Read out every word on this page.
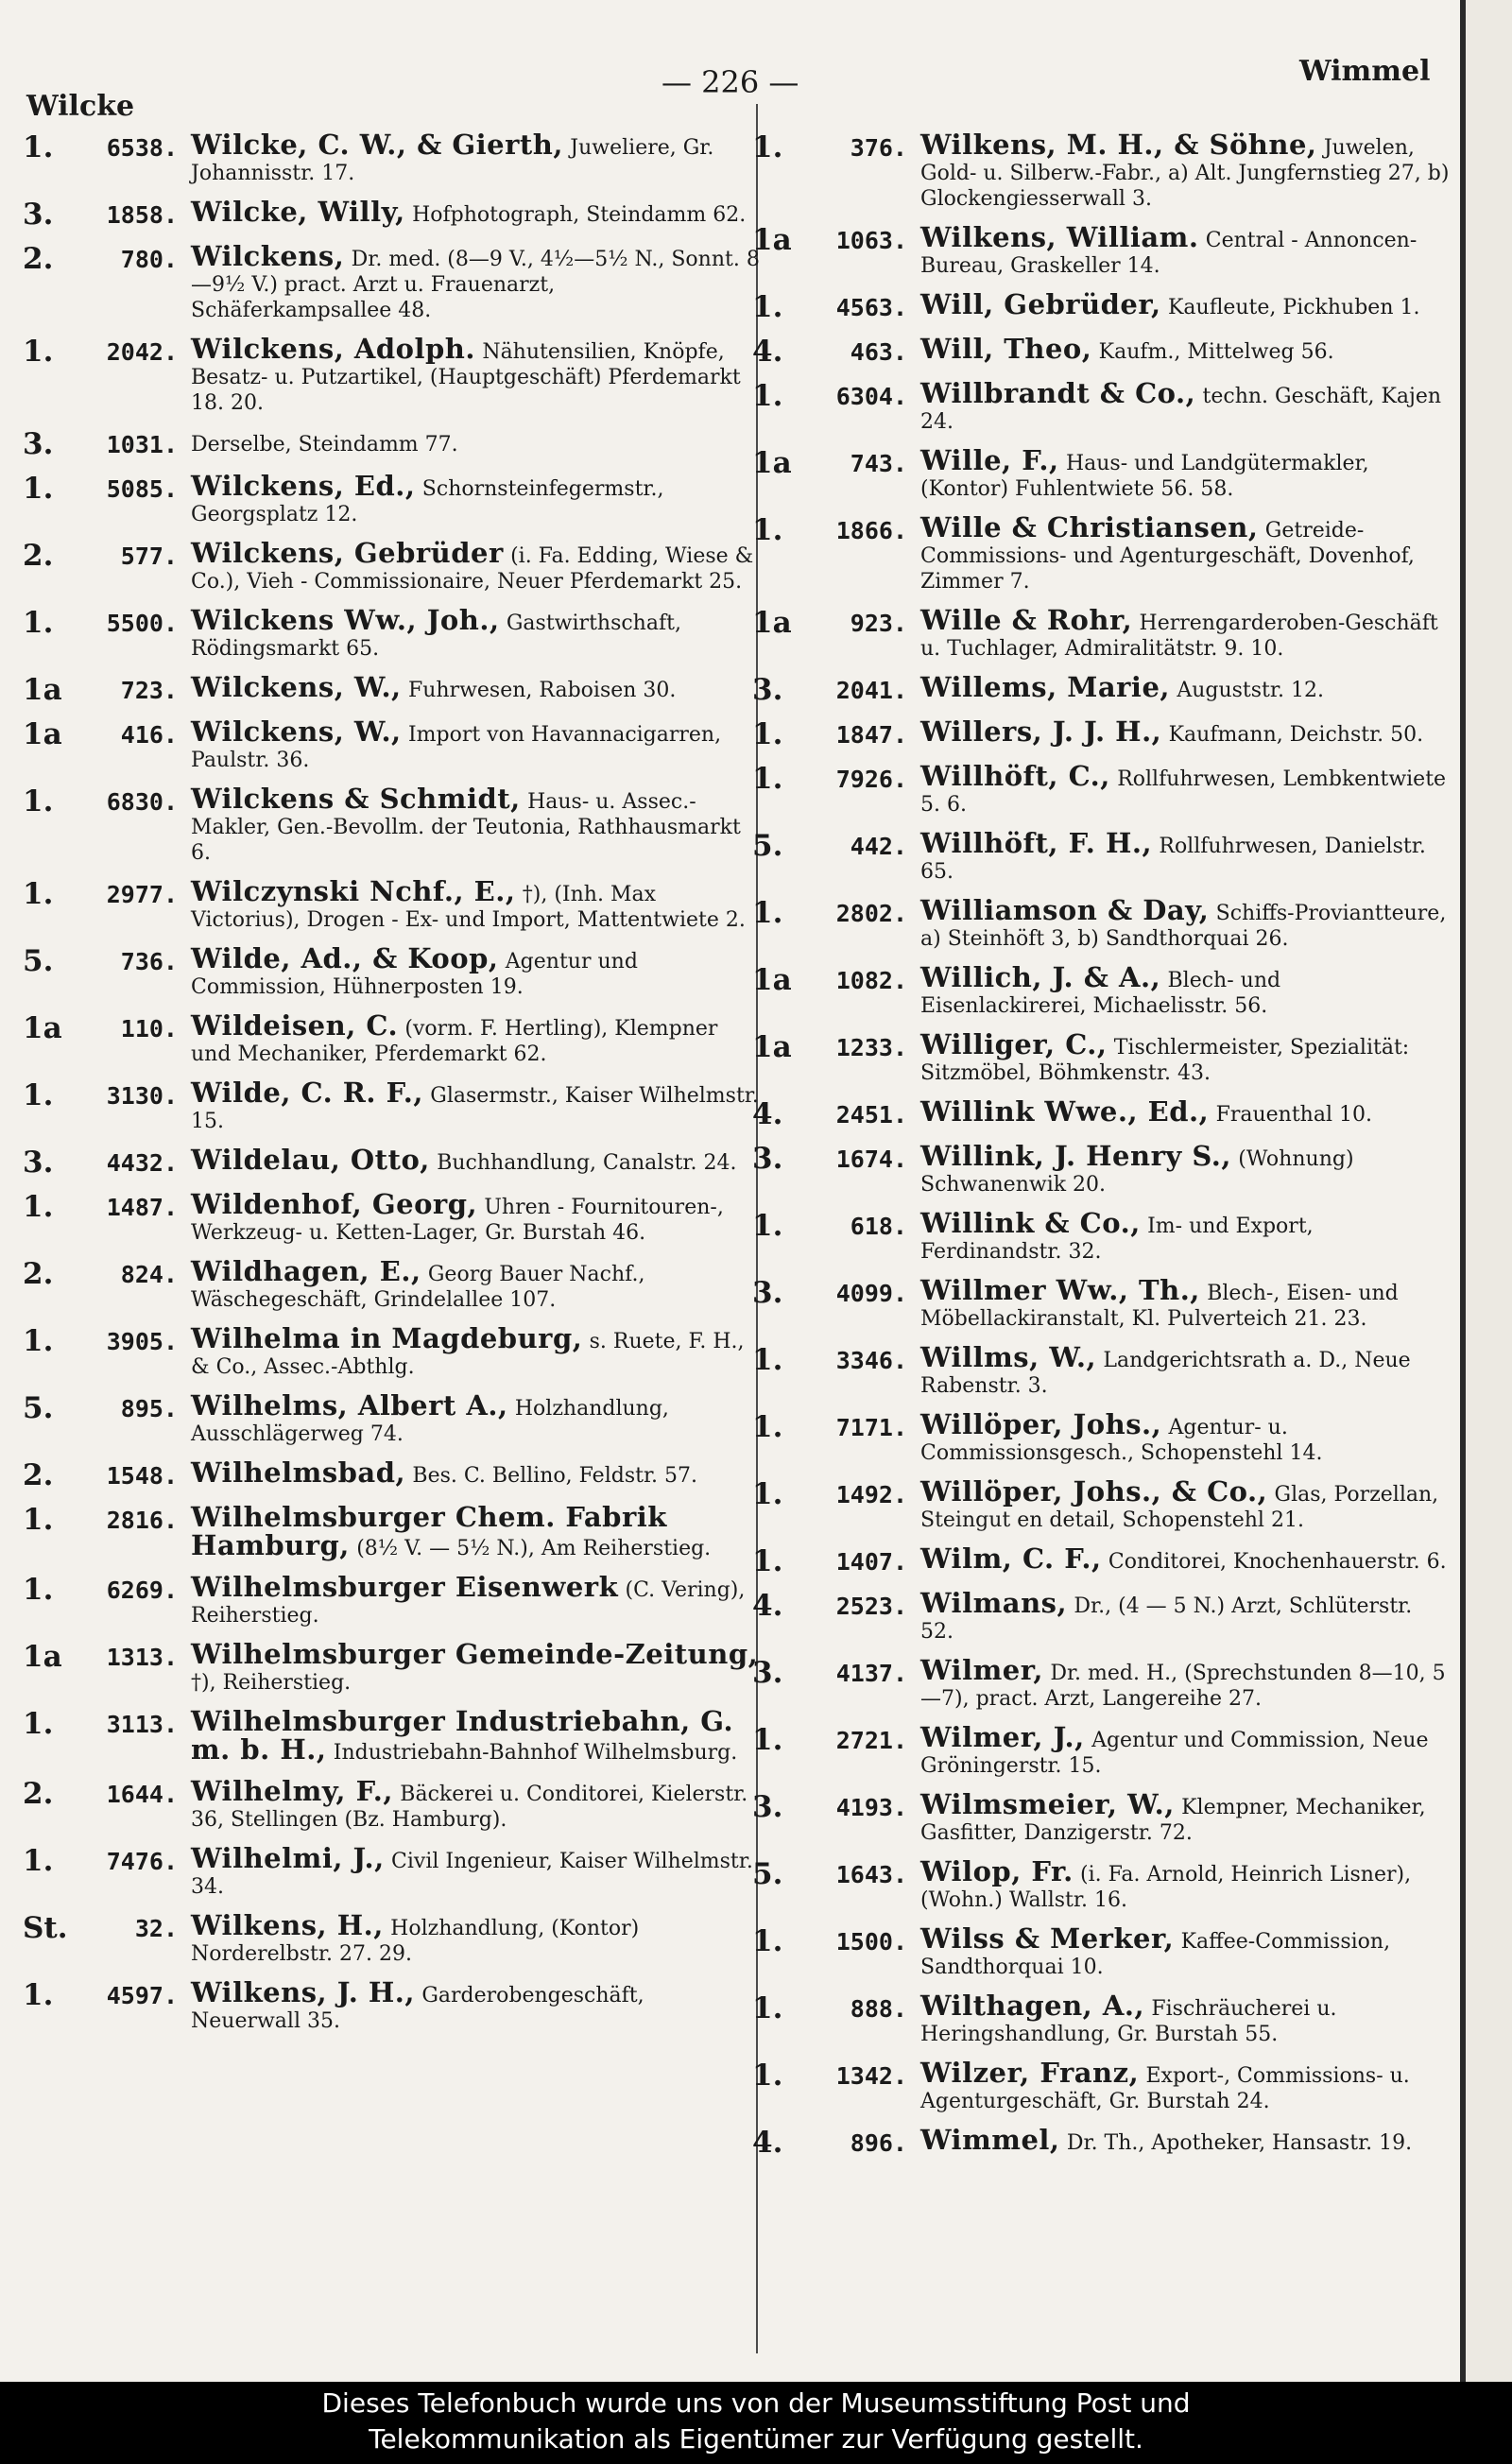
Wilcke
— 226 —	Wimmel
1.	6538. Wilcke, C. W., & Gierth, Juweliere, Gr. Johannisstr. 17.
3.	1858. Wilcke, Willy, Hofphotograph, Steindamm 62.
2.	780. Wilckens, Dr. med. (8—9 V., 4½—5½ N., Sonnt. 8—9½ V.) pract. Arzt u. Frauenarzt, Schäferkampsallee 48.
1.	2042. Wilckens, Adolph. Nähutensilien, Knöpfe, Besatz- u. Putzartikel, (Hauptgeschäft) Pferdemarkt 18. 20.
3.	1031. Derselbe, Steindamm 77.
1.	5085. Wilckens, Ed., Schornsteinfegermstr., Georgsplatz 12.
2.	577. Wilckens, Gebrüder (i. Fa. Edding, Wiese & Co.), Vieh - Commissionaire, Neuer Pferdemarkt 25.
1.	5500. Wilckens Ww., Joh., Gastwirthschaft, Rödingsmarkt 65.
1a	723. Wilckens, W., Fuhrwesen, Raboisen 30.
1a	416. Wilckens, W., Import von Havannacigarren, Paulstr. 36.
1.	6830. Wilckens & Schmidt, Haus- u. Assec.-Makler, Gen.-Bevollm. der Teutonia, Rathhausmarkt 6.
1.	2977. Wilczynski Nchf., E., †), (Inh. Max Victorius), Drogen - Ex- und Import, Mattentwiete 2.
5.	736. Wilde, Ad., & Koop, Agentur und Commission, Hühnerposten 19.
1a	110. Wildeisen, C. (vorm. F. Hertling), Klempner und Mechaniker, Pferdemarkt 62.
1.	3130. Wilde, C. R. F., Glasermstr., Kaiser Wilhelmstr. 15.
3.	4432. Wildelau, Otto, Buchhandlung, Canalstr. 24.
1.	1487. Wildenhof, Georg, Uhren - Fournitouren-, Werkzeug- u. Ketten-Lager, Gr. Burstah 46.
2.	824. Wildhagen, E., Georg Bauer Nachf., Wäschegeschäft, Grindelallee 107.
1.	3905. Wilhelma in Magdeburg, s. Ruete, F. H., & Co., Assec.-Abthlg.
5.	895. Wilhelms, Albert A., Holzhandlung, Ausschlägerweg 74.
2.	1548. Wilhelmsbad, Bes. C. Bellino, Feldstr. 57.
1.	2816. Wilhelmsburger Chem. Fabrik Hamburg, (8½ V. — 5½ N.), Am Reiherstieg.
1.	6269. Wilhelmsburger Eisenwerk (C. Vering), Reiherstieg.
1a	1313. Wilhelmsburger Gemeinde-Zeitung, †), Reiherstieg.
1.	3113. Wilhelmsburger Industriebahn, G. m. b. H., Industriebahn-Bahnhof Wilhelmsburg.
2.	1644. Wilhelmy, F., Bäckerei u. Conditorei, Kielerstr. 36, Stellingen (Bz. Hamburg).
1.	7476. Wilhelmi, J., Civil Ingenieur, Kaiser Wilhelmstr. 34.
St.	32. Wilkens, H., Holzhandlung, (Kontor) Norderelbstr. 27. 29.
1.	4597. Wilkens, J. H., Garderobengeschäft, Neuerwall 35.
1.	376. Wilkens, M. H., & Söhne, Juwelen, Gold- u. Silberw.-Fabr., a) Alt. Jungfernstieg 27, b) Glockengiesserwall 3.
1a	1063. Wilkens, William. Central - Annoncen-Bureau, Graskeller 14.
1.	4563. Will, Gebrüder, Kaufleute, Pickhuben 1.
4.	463. Will, Theo, Kaufm., Mittelweg 56.
1.	6304. Willbrandt & Co., techn. Geschäft, Kajen 24.
1a	743. Wille, F., Haus- und Landgütermakler, (Kontor) Fuhlentwiete 56. 58.
1.	1866. Wille & Christiansen, Getreide-Commissions- und Agenturgeschäft, Dovenhof, Zimmer 7.
1a	923. Wille & Rohr, Herrengarderoben-Geschäft u. Tuchlager, Admiralitätstr. 9. 10.
3.	2041. Willems, Marie, Auguststr. 12.
1.	1847. Willers, J. J. H., Kaufmann, Deichstr. 50.
1.	7926. Willhöft, C., Rollfuhrwesen, Lembkentwiete 5. 6.
5.	442. Willhöft, F. H., Rollfuhrwesen, Danielstr. 65.
1.	2802. Williamson & Day, Schiffs-Proviantteure, a) Steinhöft 3, b) Sandthorquai 26.
1a	1082. Willich, J. & A., Blech- und Eisenlackirerei, Michaelisstr. 56.
1a	1233. Williger, C., Tischlermeister, Spezialität: Sitzmöbel, Böhmkenstr. 43.
4.	2451. Willink Wwe., Ed., Frauenthal 10.
3.	1674. Willink, J. Henry S., (Wohnung) Schwanenwik 20.
1.	618. Willink & Co., Im- und Export, Ferdinandstr. 32.
3.	4099. Willmer Ww., Th., Blech-, Eisen- und Möbellackiranstalt, Kl. Pulverteich 21. 23.
1.	3346. Willms, W., Landgerichtsrath a. D., Neue Rabenstr. 3.
1.	7171. Willöper, Johs., Agentur- u. Commissionsgesch., Schopenstehl 14.
1.	1492. Willöper, Johs., & Co., Glas, Porzellan, Steingut en detail, Schopenstehl 21.
1.	1407. Wilm, C. F., Conditorei, Knochenhauerstr. 6.
4.	2523. Wilmans, Dr., (4 — 5 N.) Arzt, Schlüterstr. 52.
3.	4137. Wilmer, Dr. med. H., (Sprechstunden 8—10, 5—7), pract. Arzt, Langereihe 27.
1.	2721. Wilmer, J., Agentur und Commission, Neue Gröningerstr. 15.
3.	4193. Wilmsmeier, W., Klempner, Mechaniker, Gasfitter, Danzigerstr. 72.
5.	1643. Wilop, Fr. (i. Fa. Arnold, Heinrich Lisner), (Wohn.) Wallstr. 16.
1.	1500. Wilss & Merker, Kaffee-Commission, Sandthorquai 10.
1.	888. Wilthagen, A., Fischräucherei u. Heringshandlung, Gr. Burstah 55.
1.	1342. Wilzer, Franz, Export-, Commissions- u. Agenturgeschäft, Gr. Burstah 24.
4.	896. Wimmel, Dr. Th., Apotheker, Hansastr. 19.
Dieses Telefonbuch wurde uns von der Museumsstiftung Post und
Telekommunikation als Eigentümer zur Verfügung gestellt.
